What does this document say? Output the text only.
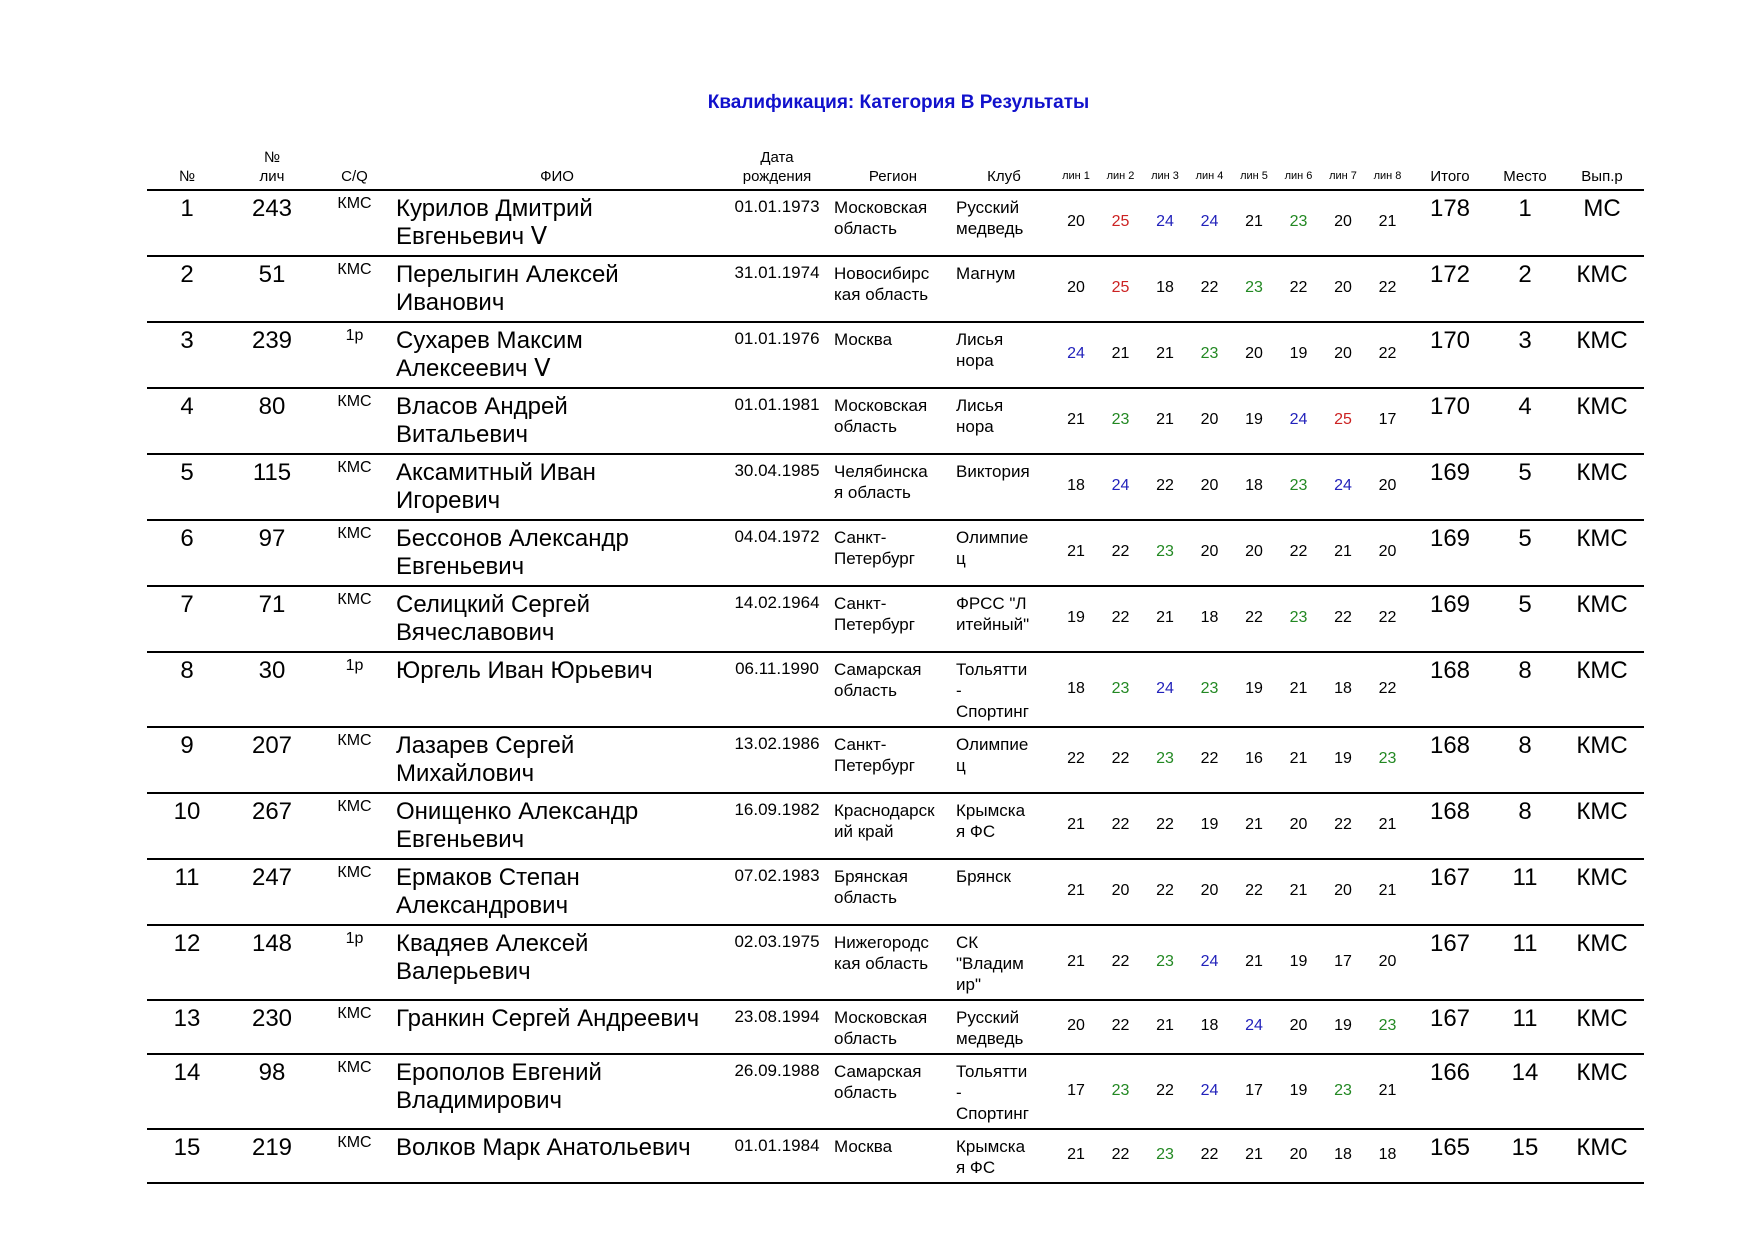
Квалификация: Категория В Результаты
№	№
лич	C/Q	ФИО	Дата
рождения	Регион	Клуб	лин 1	лин 2	лин 3	лин 4	лин 5	лин 6	лин 7	лин 8	Итого	Место	Вып.р
1	243	КМС	Курилов Дмитрий
Евгеньевич ᐯ	01.01.1973	Московская
область	Русский
медведь	20	25	24	24	21	23	20	21	178	1	МС
2	51	КМС	Перелыгин Алексей
Иванович	31.01.1974	Новосибирс
кая область	Магнум	20	25	18	22	23	22	20	22	172	2	КМС
3	239	1р	Сухарев Максим
Алексеевич ᐯ	01.01.1976	Москва	Лисья
нора	24	21	21	23	20	19	20	22	170	3	КМС
4	80	КМС	Власов Андрей
Витальевич	01.01.1981	Московская
область	Лисья
нора	21	23	21	20	19	24	25	17	170	4	КМС
5	115	КМС	Аксамитный Иван
Игоревич	30.04.1985	Челябинска
я область	Виктория	18	24	22	20	18	23	24	20	169	5	КМС
6	97	КМС	Бессонов Александр
Евгеньевич	04.04.1972	Санкт-
Петербург	Олимпие
ц	21	22	23	20	20	22	21	20	169	5	КМС
7	71	КМС	Селицкий Сергей
Вячеславович	14.02.1964	Санкт-
Петербург	ФРСС "Л
итейный"	19	22	21	18	22	23	22	22	169	5	КМС
8	30	1р	Юргель Иван Юрьевич	06.11.1990	Самарская
область	Тольятти
-
Спортинг	18	23	24	23	19	21	18	22	168	8	КМС
9	207	КМС	Лазарев Сергей
Михайлович	13.02.1986	Санкт-
Петербург	Олимпие
ц	22	22	23	22	16	21	19	23	168	8	КМС
10	267	КМС	Онищенко Александр
Евгеньевич	16.09.1982	Краснодарск
ий край	Крымска
я ФС	21	22	22	19	21	20	22	21	168	8	КМС
11	247	КМС	Ермаков Степан
Александрович	07.02.1983	Брянская
область	Брянск	21	20	22	20	22	21	20	21	167	11	КМС
12	148	1р	Квадяев Алексей
Валерьевич	02.03.1975	Нижегородс
кая область	СК
"Владим
ир"	21	22	23	24	21	19	17	20	167	11	КМС
13	230	КМС	Гранкин Сергей Андреевич	23.08.1994	Московская
область	Русский
медведь	20	22	21	18	24	20	19	23	167	11	КМС
14	98	КМС	Ерополов Евгений
Владимирович	26.09.1988	Самарская
область	Тольятти
-
Спортинг	17	23	22	24	17	19	23	21	166	14	КМС
15	219	КМС	Волков Марк Анатольевич	01.01.1984	Москва	Крымска
я ФС	21	22	23	22	21	20	18	18	165	15	КМС
